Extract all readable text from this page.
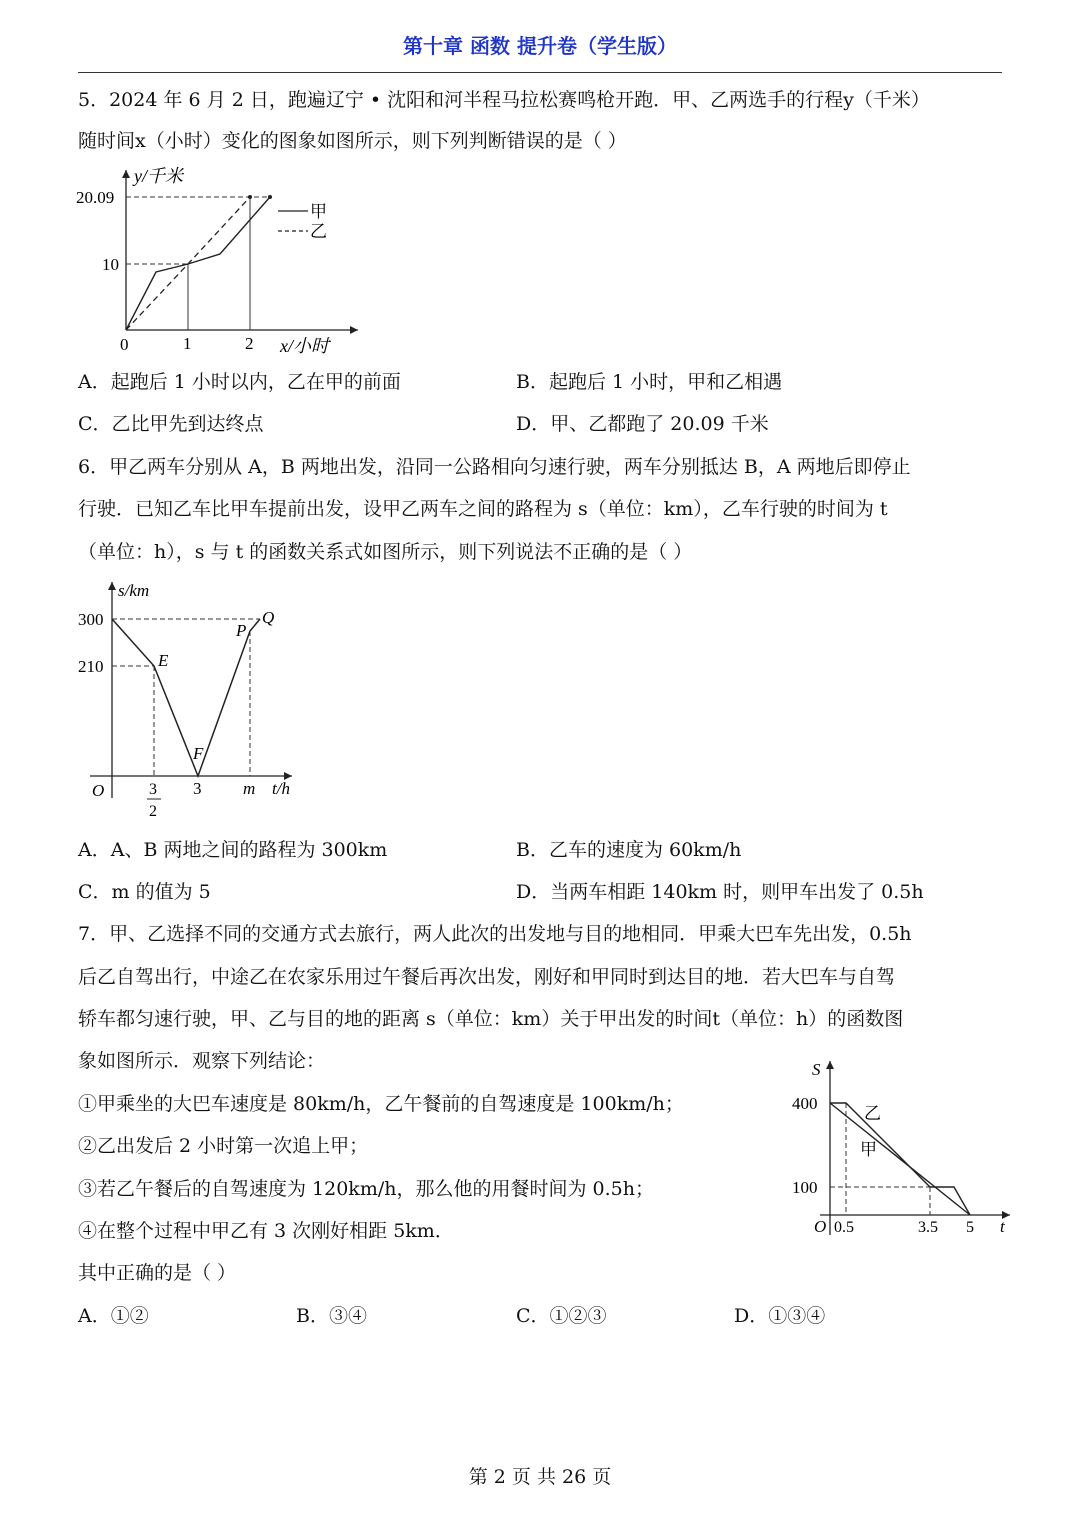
第十章 函数 提升卷（学生版）
5．2024 年 6 月 2 日，跑遍辽宁 • 沈阳和河半程马拉松赛鸣枪开跑．甲、乙两选手的行程y（千米）
随时间x（小时）变化的图象如图所示，则下列判断错误的是（ ）
甲
乙
y/千米
20.09
10
0	1	2 x/小时
A．起跑后 1 小时以内，乙在甲的前面	B．起跑后 1 小时，甲和乙相遇
C．乙比甲先到达终点	D．甲、乙都跑了 20.09 千米
6．甲乙两车分别从 A，B 两地出发，沿同一公路相向匀速行驶，两车分别抵达 B，A 两地后即停止
行驶．已知乙车比甲车提前出发，设甲乙两车之间的路程为 s（单位：km），乙车行驶的时间为 t
（单位：h），s 与 t 的函数关系式如图所示，则下列说法不正确的是（ ）
s/km
300
210	E
F
P
Q
O	3
2
3 m t/h
A．A、B 两地之间的路程为 300km	B．乙车的速度为 60km/h
C．m 的值为 5	D．当两车相距 140km 时，则甲车出发了 0.5h
7．甲、乙选择不同的交通方式去旅行，两人此次的出发地与目的地相同．甲乘大巴车先出发，0.5h
后乙自驾出行，中途乙在农家乐用过午餐后再次出发，刚好和甲同时到达目的地．若大巴车与自驾
轿车都匀速行驶，甲、乙与目的地的距离 s（单位：km）关于甲出发的时间t（单位：h）的函数图
象如图所示．观察下列结论：
①甲乘坐的大巴车速度是 80km/h，乙午餐前的自驾速度是 100km/h；
②乙出发后 2 小时第一次追上甲；
③若乙午餐后的自驾速度为 120km/h，那么他的用餐时间为 0.5h；
④在整个过程中甲乙有 3 次刚好相距 5km．
其中正确的是（ ）
S
400
100
乙
甲
O 0.5	3.5 5 t
A．①②	B．③④	C．①②③	D．①③④
第 2 页 共 26 页
